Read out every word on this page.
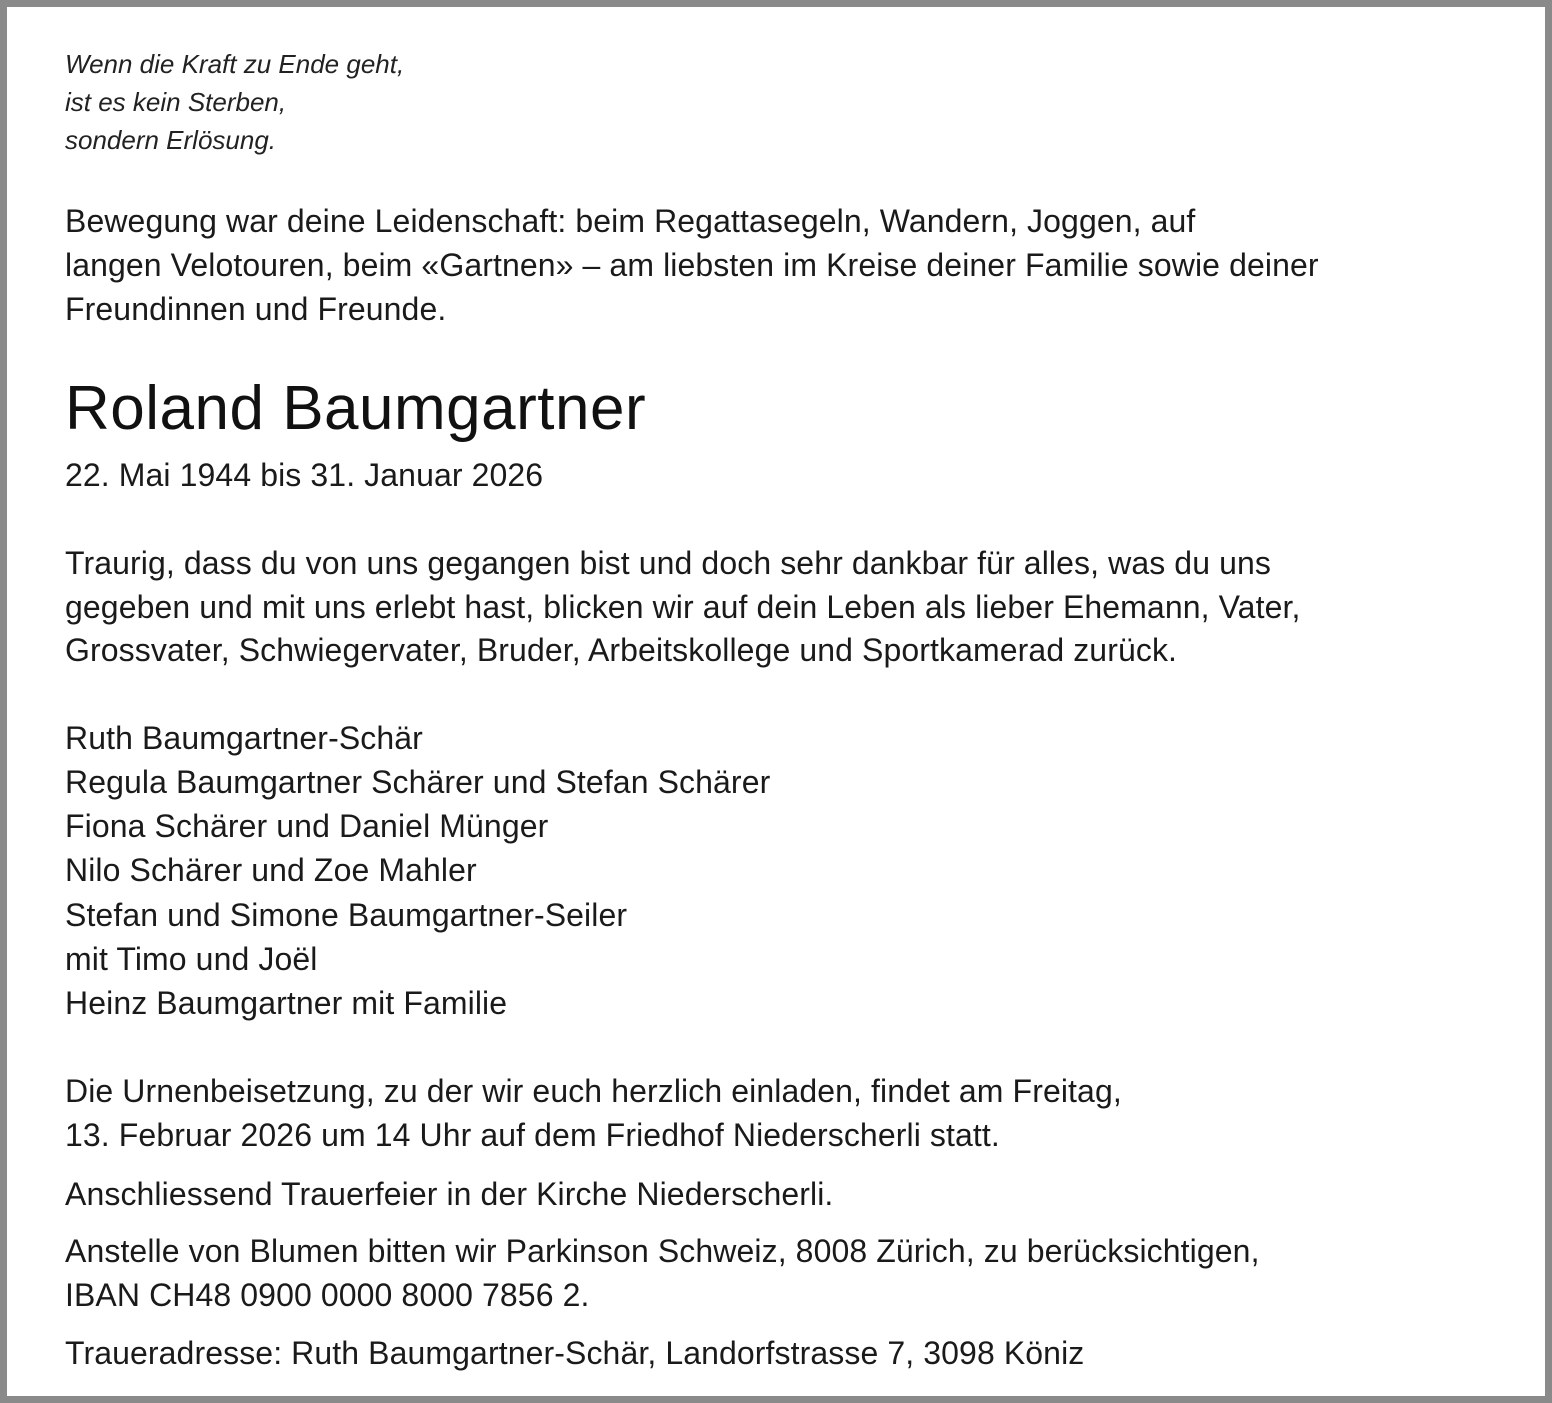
Wenn die Kraft zu Ende geht,

ist es kein Sterben,

sondern Erlösung.

Bewegung war deine Leidenschaft: beim Regattasegeln, Wandern, Joggen, auf

langen Velotouren, beim «Gartnen» – am liebsten im Kreise deiner Familie sowie deiner

Freundinnen und Freunde.

Roland Baumgartner

22. Mai 1944 bis 31. Januar 2026

Traurig, dass du von uns gegangen bist und doch sehr dankbar für alles, was du uns

gegeben und mit uns erlebt hast, blicken wir auf dein Leben als lieber Ehemann, Vater,

Grossvater, Schwiegervater, Bruder, Arbeitskollege und Sportkamerad zurück.

Ruth Baumgartner-Schär

Regula Baumgartner Schärer und Stefan Schärer

Fiona Schärer und Daniel Münger

Nilo Schärer und Zoe Mahler

Stefan und Simone Baumgartner-Seiler

mit Timo und Joël

Heinz Baumgartner mit Familie

Die Urnenbeisetzung, zu der wir euch herzlich einladen, findet am Freitag,

13. Februar 2026 um 14 Uhr auf dem Friedhof Niederscherli statt.

Anschliessend Trauerfeier in der Kirche Niederscherli.

Anstelle von Blumen bitten wir Parkinson Schweiz, 8008 Zürich, zu berücksichtigen,

IBAN CH48 0900 0000 8000 7856 2.

Traueradresse: Ruth Baumgartner-Schär, Landorfstrasse 7, 3098 Köniz
